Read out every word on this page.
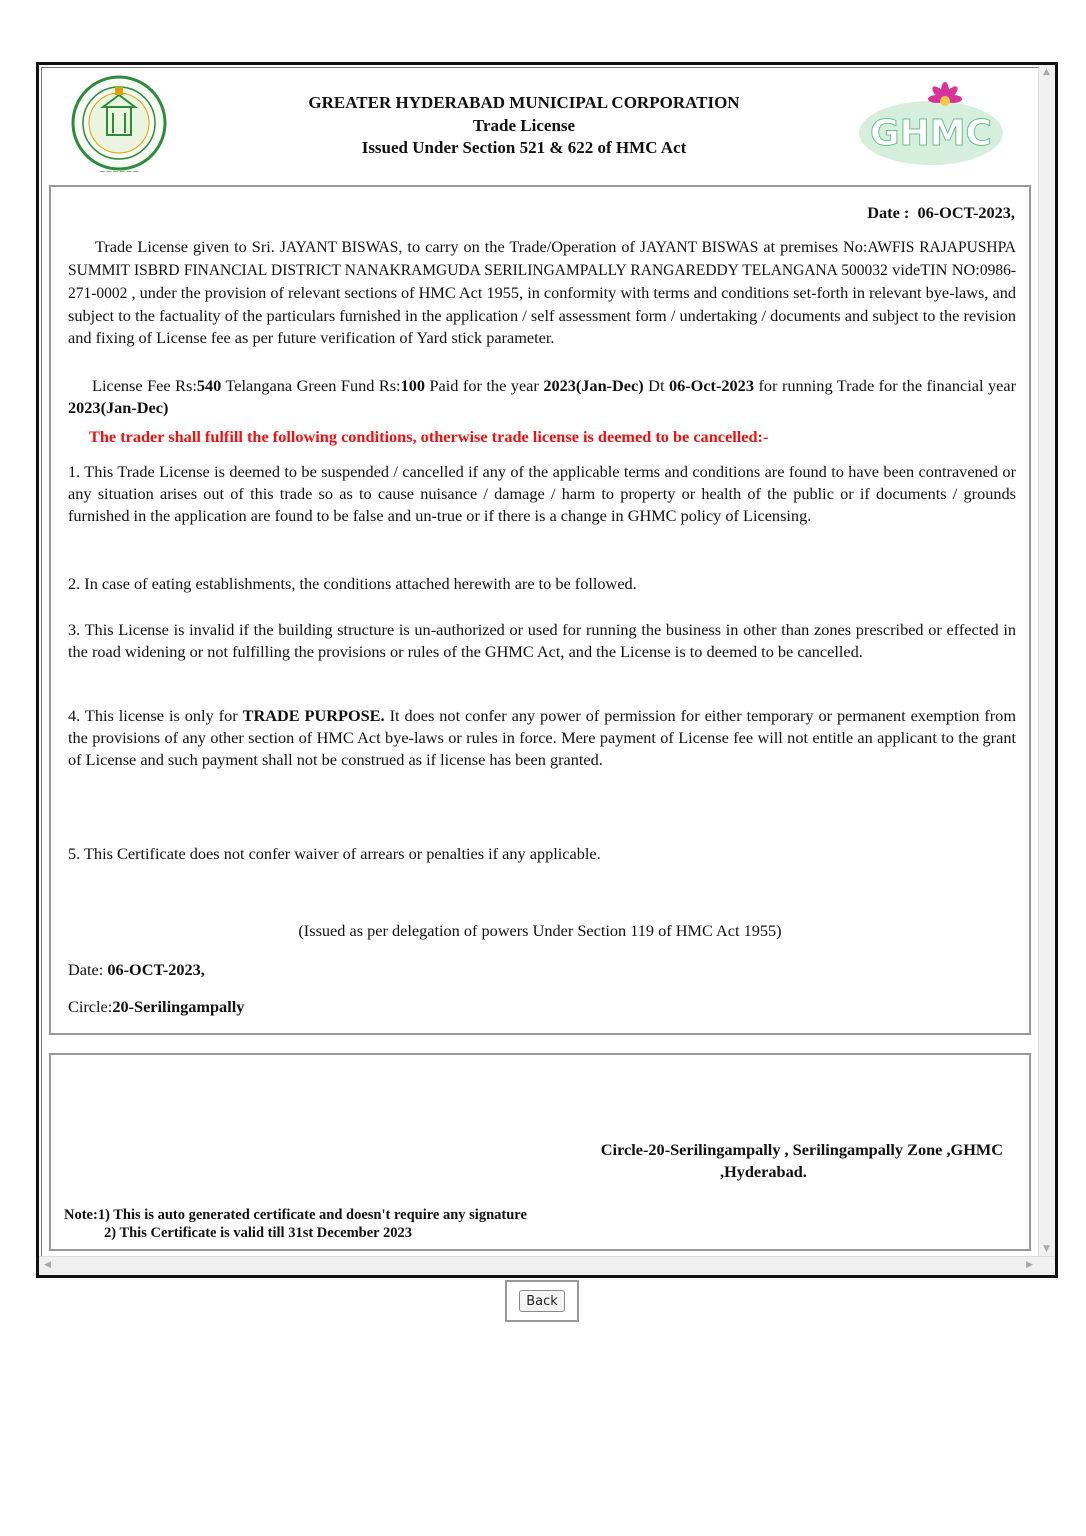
▲
▼
◀	▶
~~~~~~
GREATER HYDERABAD MUNICIPAL CORPORATION
Trade License
Issued Under Section 521 & 622 of HMC Act	GHMC
Date : 06-OCT-2023,
Trade License given to Sri. JAYANT BISWAS, to carry on the Trade/Operation of JAYANT BISWAS at premises No:AWFIS RAJAPUSHPA SUMMIT ISBRD FINANCIAL DISTRICT NANAKRAMGUDA SERILINGAMPALLY RANGAREDDY TELANGANA 500032 videTIN NO:0986-271-0002 , under the provision of relevant sections of HMC Act 1955, in conformity with terms and conditions set-forth in relevant bye-laws, and subject to the factuality of the particulars furnished in the application / self assessment form / undertaking / documents and subject to the revision and fixing of License fee as per future verification of Yard stick parameter.
License Fee Rs:540 Telangana Green Fund Rs:100 Paid for the year 2023(Jan-Dec) Dt 06-Oct-2023 for running Trade for the financial year 2023(Jan-Dec)
The trader shall fulfill the following conditions, otherwise trade license is deemed to be cancelled:-
1. This Trade License is deemed to be suspended / cancelled if any of the applicable terms and conditions are found to have been contravened or any situation arises out of this trade so as to cause nuisance / damage / harm to property or health of the public or if documents / grounds furnished in the application are found to be false and un-true or if there is a change in GHMC policy of Licensing.
2. In case of eating establishments, the conditions attached herewith are to be followed.
3. This License is invalid if the building structure is un-authorized or used for running the business in other than zones prescribed or effected in the road widening or not fulfilling the provisions or rules of the GHMC Act, and the License is to deemed to be cancelled.
4. This license is only for TRADE PURPOSE. It does not confer any power of permission for either temporary or permanent exemption from the provisions of any other section of HMC Act bye-laws or rules in force. Mere payment of License fee will not entitle an applicant to the grant of License and such payment shall not be construed as if license has been granted.
5. This Certificate does not confer waiver of arrears or penalties if any applicable.
(Issued as per delegation of powers Under Section 119 of HMC Act 1955)
Date: 06-OCT-2023,
Circle:20-Serilingampally
Circle-20-Serilingampally , Serilingampally Zone ,GHMC
,Hyderabad.
Note:1) This is auto generated certificate and doesn't require any signature
2) This Certificate is valid till 31st December 2023
Back
